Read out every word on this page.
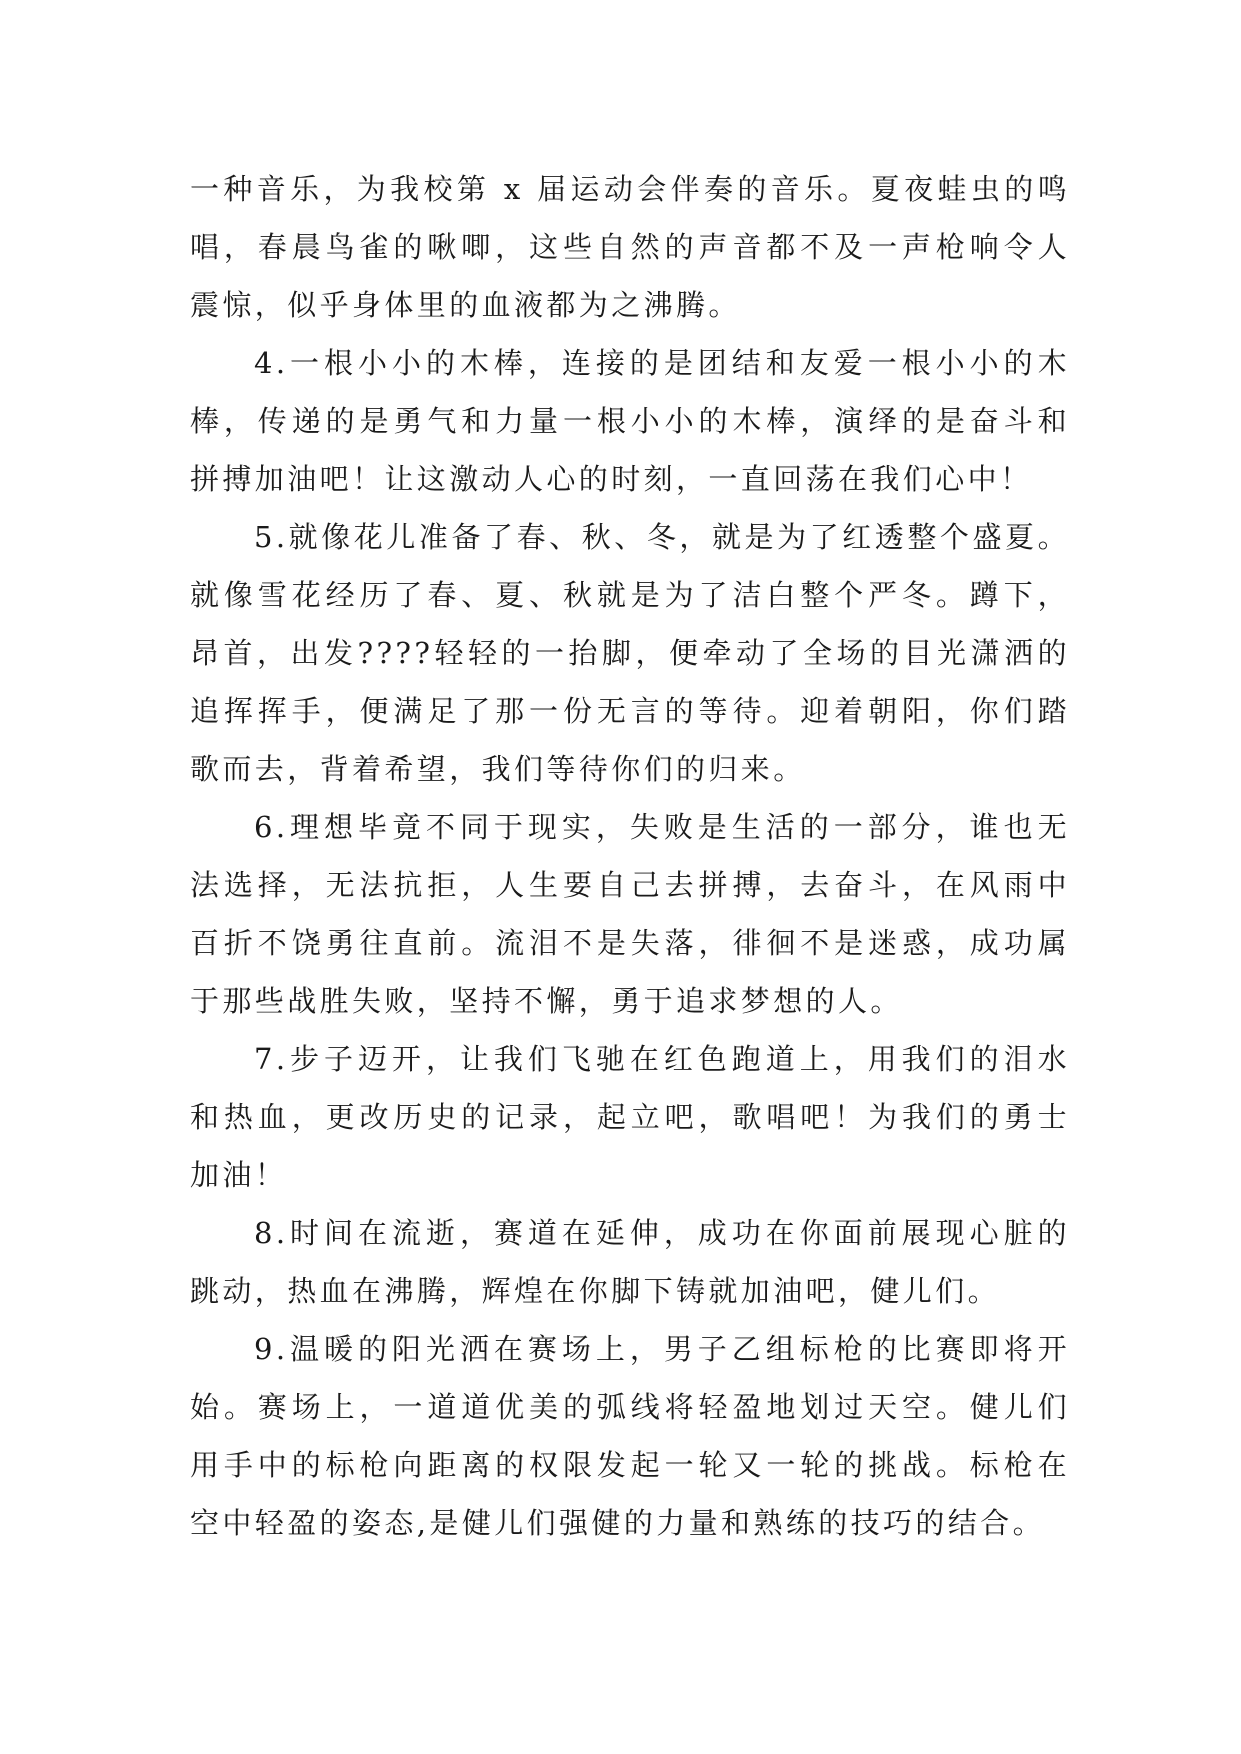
一种音乐，为我校第 x 届运动会伴奏的音乐。夏夜蛙虫的鸣
唱，春晨鸟雀的啾唧，这些自然的声音都不及一声枪响令人
震惊，似乎身体里的血液都为之沸腾。
4.一根小小的木棒，连接的是团结和友爱一根小小的木
棒，传递的是勇气和力量一根小小的木棒，演绎的是奋斗和
拼搏加油吧！让这激动人心的时刻，一直回荡在我们心中！
5.就像花儿准备了春、秋、冬，就是为了红透整个盛夏。
就像雪花经历了春、夏、秋就是为了洁白整个严冬。蹲下，
昂首，出发????轻轻的一抬脚，便牵动了全场的目光潇洒的
追挥挥手，便满足了那一份无言的等待。迎着朝阳，你们踏
歌而去，背着希望，我们等待你们的归来。
6.理想毕竟不同于现实，失败是生活的一部分，谁也无
法选择，无法抗拒，人生要自己去拼搏，去奋斗，在风雨中
百折不饶勇往直前。流泪不是失落，徘徊不是迷惑，成功属
于那些战胜失败，坚持不懈，勇于追求梦想的人。
7.步子迈开，让我们飞驰在红色跑道上，用我们的泪水
和热血，更改历史的记录，起立吧，歌唱吧！为我们的勇士
加油！
8.时间在流逝，赛道在延伸，成功在你面前展现心脏的
跳动，热血在沸腾，辉煌在你脚下铸就加油吧，健儿们。
9.温暖的阳光洒在赛场上，男子乙组标枪的比赛即将开
始。赛场上，一道道优美的弧线将轻盈地划过天空。健儿们
用手中的标枪向距离的权限发起一轮又一轮的挑战。标枪在
空中轻盈的姿态,是健儿们强健的力量和熟练的技巧的结合。
